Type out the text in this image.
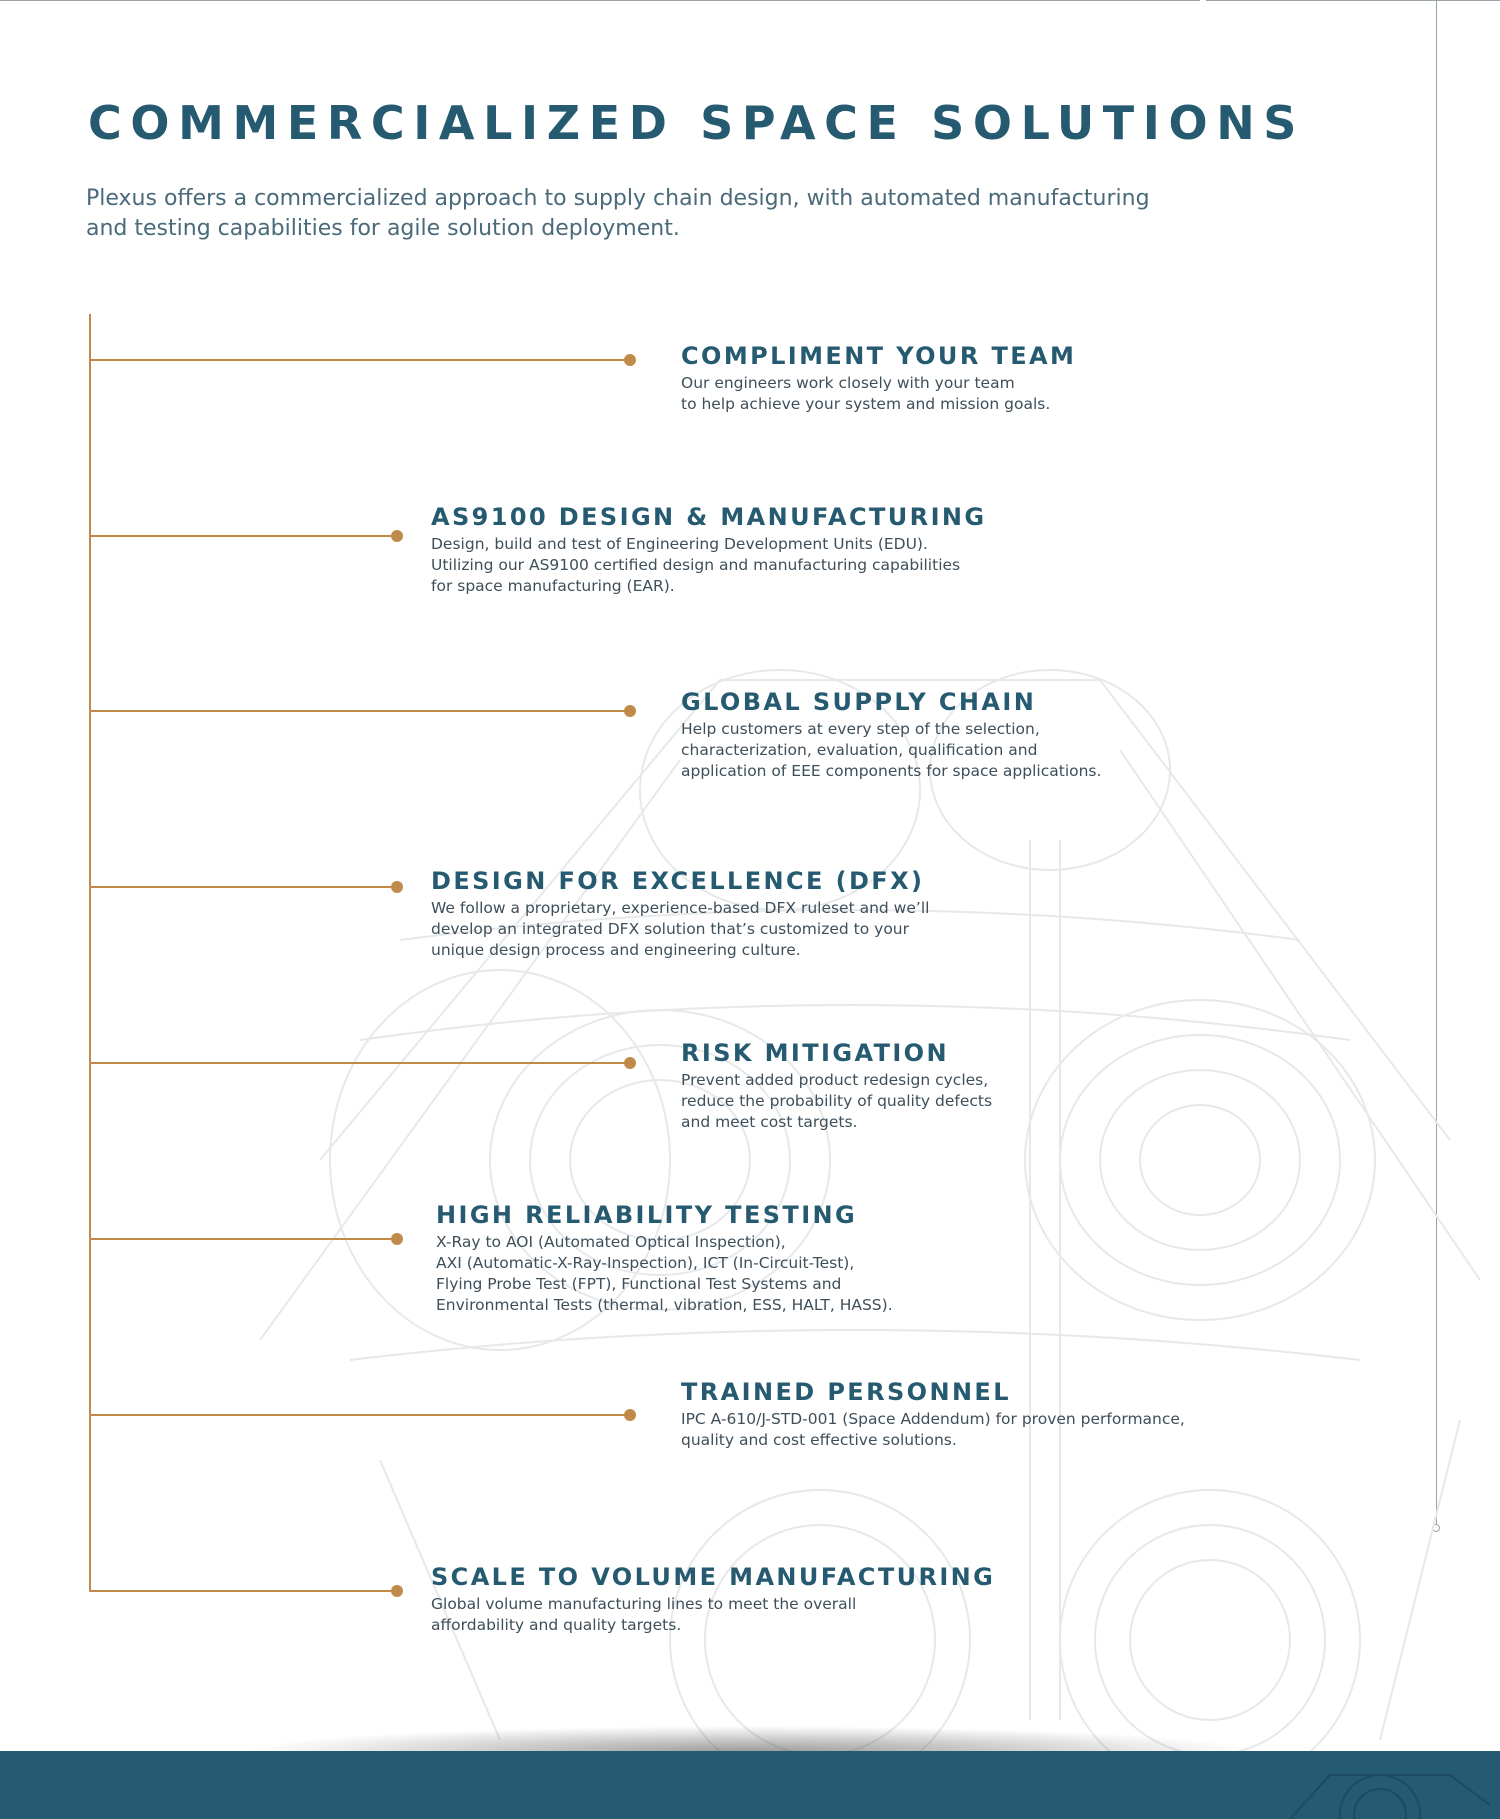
COMMERCIALIZED SPACE SOLUTIONS

Plexus offers a commercialized approach to supply chain design, with automated manufacturing
and testing capabilities for agile solution deployment.

COMPLIMENT YOUR TEAM

Our engineers work closely with your team
to help achieve your system and mission goals.

AS9100 DESIGN & MANUFACTURING

Design, build and test of Engineering Development Units (EDU).
Utilizing our AS9100 certified design and manufacturing capabilities
for space manufacturing (EAR).

GLOBAL SUPPLY CHAIN

Help customers at every step of the selection,
characterization, evaluation, qualification and
application of EEE components for space applications.

DESIGN FOR EXCELLENCE (DFX)

We follow a proprietary, experience-based DFX ruleset and we’ll
develop an integrated DFX solution that’s customized to your
unique design process and engineering culture.

RISK MITIGATION

Prevent added product redesign cycles,
reduce the probability of quality defects
and meet cost targets.

HIGH RELIABILITY TESTING

X-Ray to AOI (Automated Optical Inspection),
AXI (Automatic-X-Ray-Inspection), ICT (In-Circuit-Test),
Flying Probe Test (FPT), Functional Test Systems and
Environmental Tests (thermal, vibration, ESS, HALT, HASS).

TRAINED PERSONNEL

IPC A-610/J-STD-001 (Space Addendum) for proven performance,
quality and cost effective solutions.

SCALE TO VOLUME MANUFACTURING

Global volume manufacturing lines to meet the overall
affordability and quality targets.
